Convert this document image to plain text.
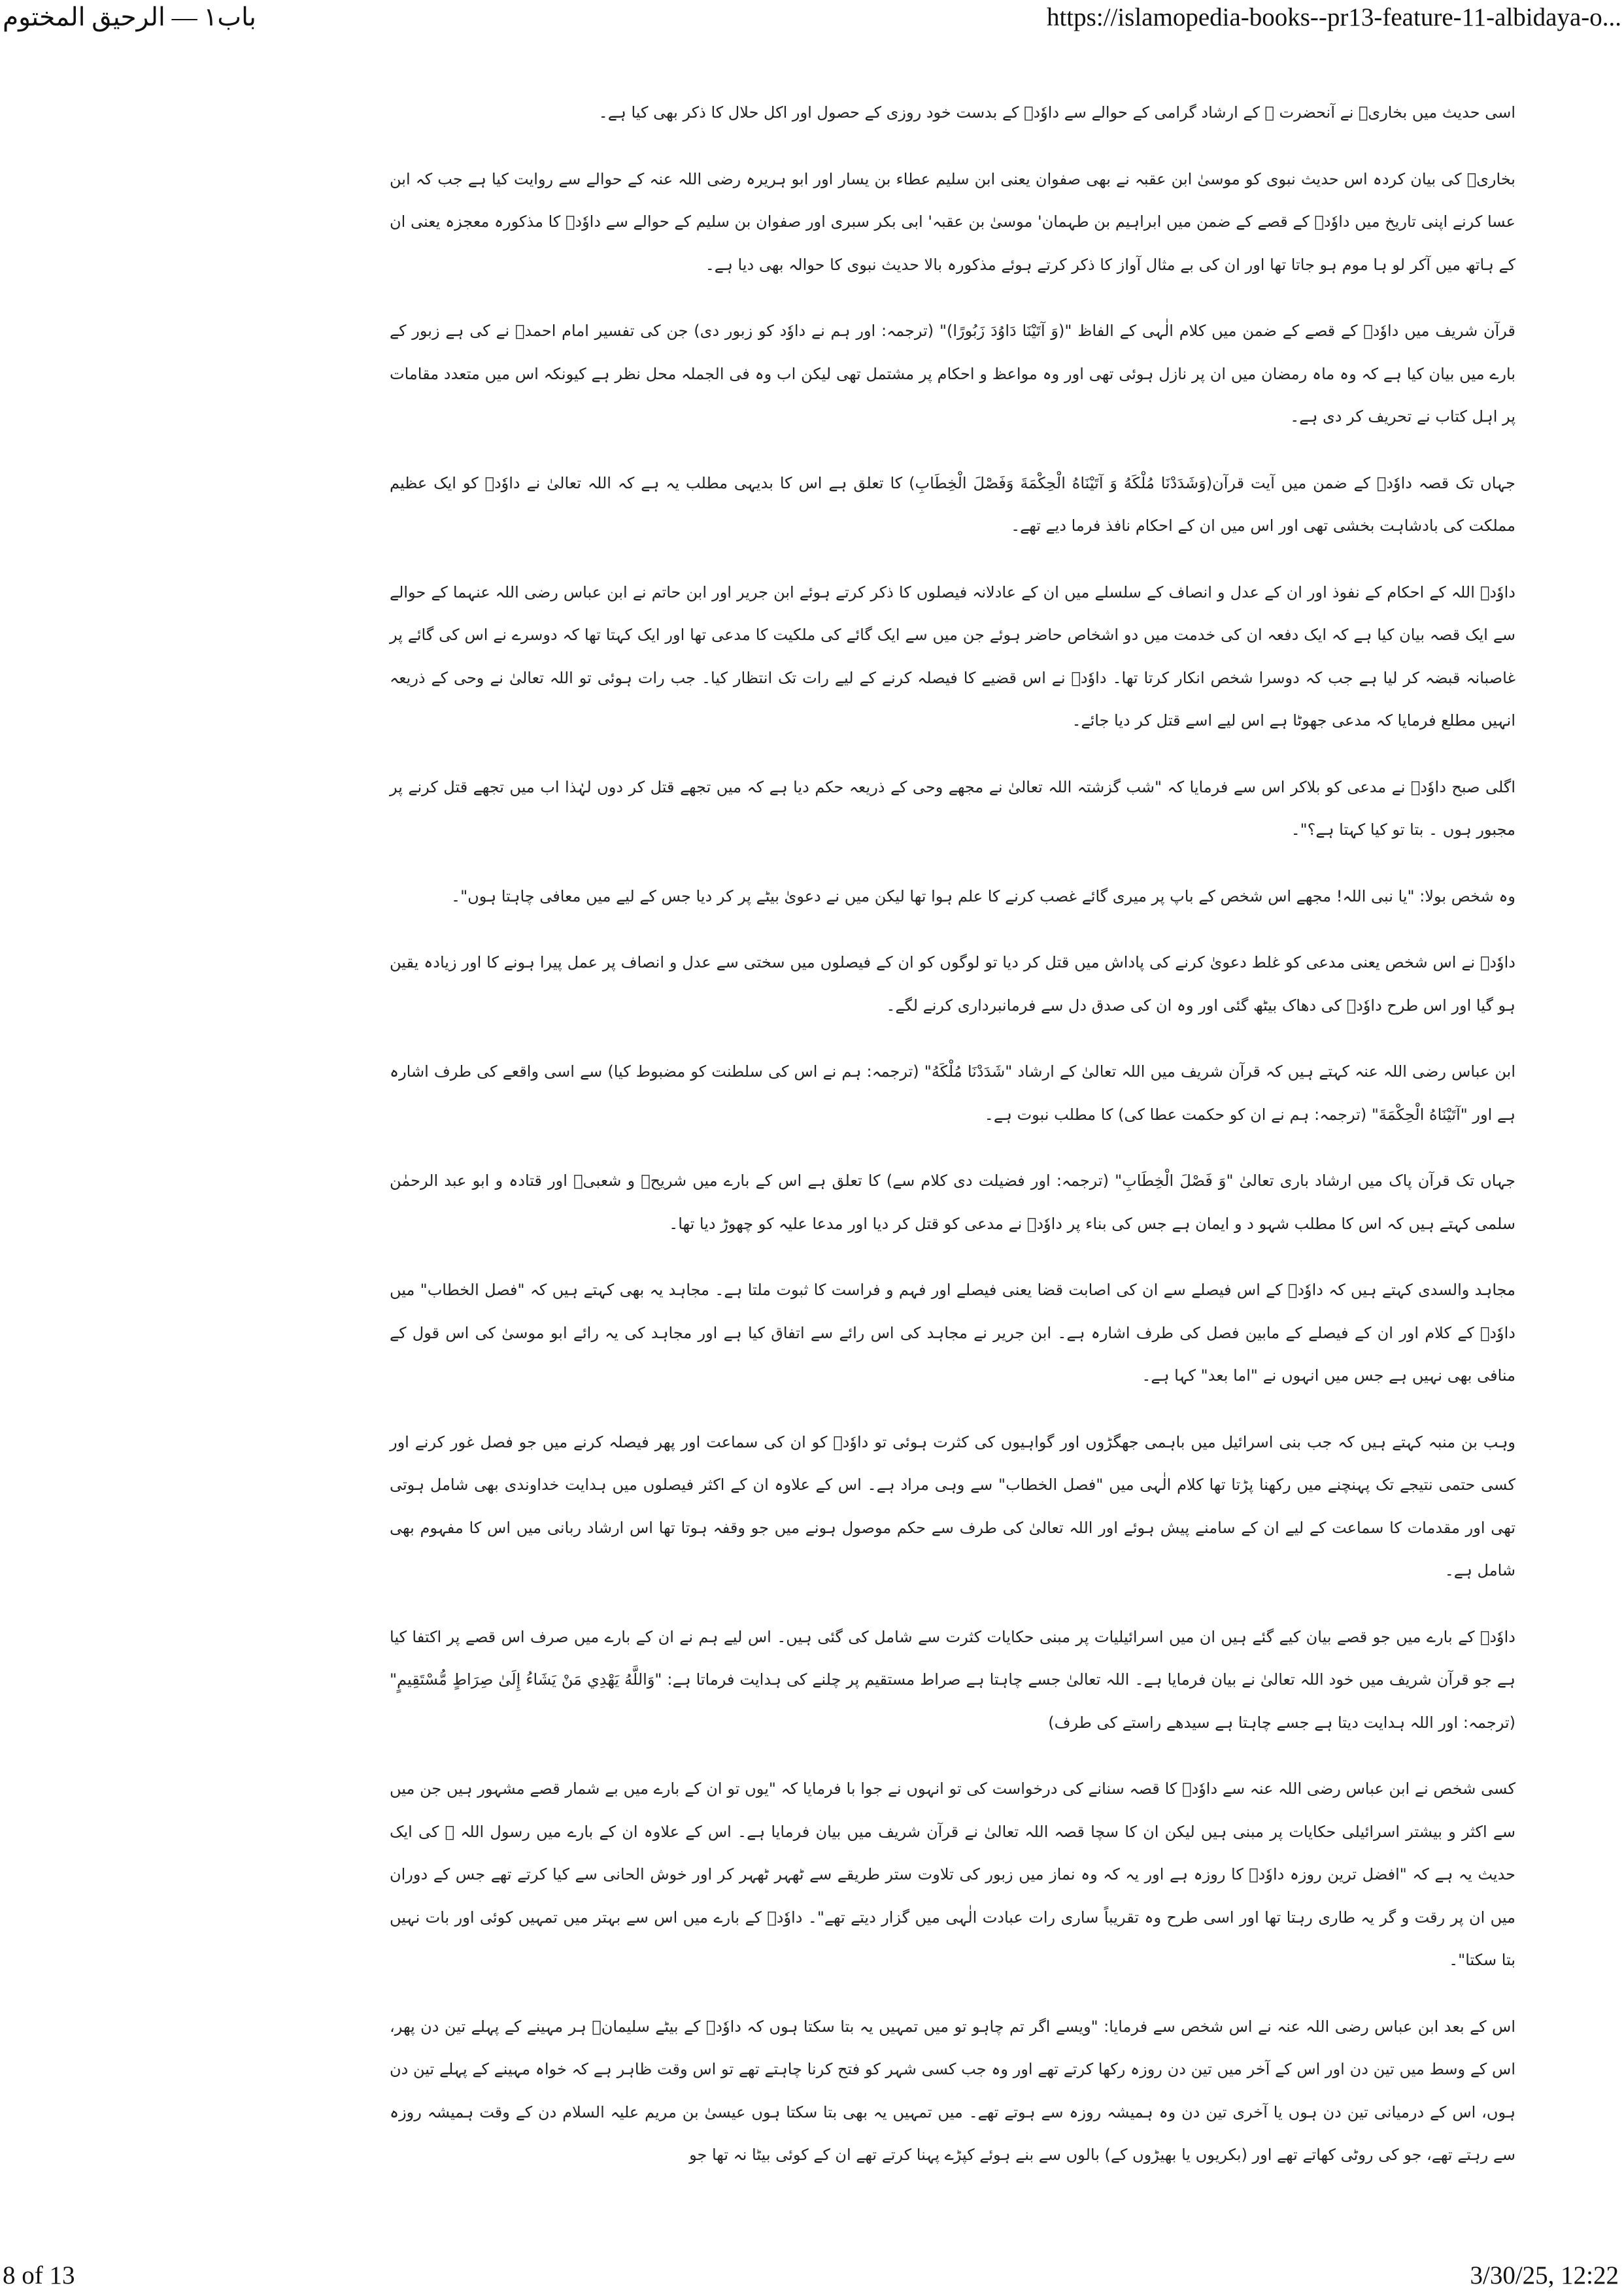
باب۱ — الرحیق المختوم	https://islamopedia-books--pr13-feature-11-albidaya-o...

اسی حدیث میں بخاریؒ نے آنحضرت ﷺ کے ارشاد گرامی کے حوالے سے داوٗدؑ کے بدست خود روزی کے حصول اور اکل حلال کا ذکر بھی کیا ہے۔

بخاریؒ کی بیان کردہ اس حدیث نبوی کو موسیٰ ابن عقبہ نے بھی صفوان یعنی ابن سلیم عطاء بن یسار اور ابو ہریرہ رضی اللہ عنہ کے حوالے سے روایت کیا ہے جب کہ ابن عسا کرنے اپنی تاریخ میں داوٗدؑ کے قصے کے ضمن میں ابراہیم بن طہمان' موسیٰ بن عقبہ' ابی بکر سبری اور صفوان بن سلیم کے حوالے سے داوٗدؑ کا مذکورہ معجزہ یعنی ان کے ہاتھ میں آکر لو ہا موم ہو جاتا تھا اور ان کی بے مثال آواز کا ذکر کرتے ہوئے مذکورہ بالا حدیث نبوی کا حوالہ بھی دیا ہے۔

قرآن شریف میں داوٗدؑ کے قصے کے ضمن میں کلام الٰہی کے الفاظ "(وَ آتَيْنَا دَاوُدَ زَبُورًا)" (ترجمہ: اور ہم نے داوٗد کو زبور دی) جن کی تفسیر امام احمدؒ نے کی ہے زبور کے بارے میں بیان کیا ہے کہ وہ ماہ رمضان میں ان پر نازل ہوئی تھی اور وہ مواعظ و احکام پر مشتمل تھی لیکن اب وہ فی الجملہ محل نظر ہے کیونکہ اس میں متعدد مقامات پر اہل کتاب نے تحریف کر دی ہے۔

جہاں تک قصہ داوٗدؑ کے ضمن میں آیت قرآن(وَشَدَدْنَا مُلْكَهُ وَ آتَيْنَاهُ الْحِكْمَةَ وَفَصْلَ الْخِطَابِ) کا تعلق ہے اس کا بدیہی مطلب یہ ہے کہ اللہ تعالیٰ نے داوٗدؑ کو ایک عظیم مملکت کی بادشاہت بخشی تھی اور اس میں ان کے احکام نافذ فرما دیے تھے۔

داوٗدؑ اللہ کے احکام کے نفوذ اور ان کے عدل و انصاف کے سلسلے میں ان کے عادلانہ فیصلوں کا ذکر کرتے ہوئے ابن جریر اور ابن حاتم نے ابن عباس رضی اللہ عنہما کے حوالے سے ایک قصہ بیان کیا ہے کہ ایک دفعہ ان کی خدمت میں دو اشخاص حاضر ہوئے جن میں سے ایک گائے کی ملکیت کا مدعی تھا اور ایک کہتا تھا کہ دوسرے نے اس کی گائے پر غاصبانہ قبضہ کر لیا ہے جب کہ دوسرا شخص انکار کرتا تھا۔ داوٗدؑ نے اس قضیے کا فیصلہ کرنے کے لیے رات تک انتظار کیا۔ جب رات ہوئی تو اللہ تعالیٰ نے وحی کے ذریعہ انہیں مطلع فرمایا کہ مدعی جھوٹا ہے اس لیے اسے قتل کر دیا جائے۔

اگلی صبح داوٗدؑ نے مدعی کو بلاکر اس سے فرمایا کہ "شب گزشتہ اللہ تعالیٰ نے مجھے وحی کے ذریعہ حکم دیا ہے کہ میں تجھے قتل کر دوں لہٰذا اب میں تجھے قتل کرنے پر مجبور ہوں ۔ بتا تو کیا کہتا ہے؟"۔

وہ شخص بولا: "یا نبی اللہ! مجھے اس شخص کے باپ پر میری گائے غصب کرنے کا علم ہوا تھا لیکن میں نے دعویٰ بیٹے پر کر دیا جس کے لیے میں معافی چاہتا ہوں"۔

داوٗدؑ نے اس شخص یعنی مدعی کو غلط دعویٰ کرنے کی پاداش میں قتل کر دیا تو لوگوں کو ان کے فیصلوں میں سختی سے عدل و انصاف پر عمل پیرا ہونے کا اور زیادہ یقین ہو گیا اور اس طرح داوٗدؑ کی دھاک بیٹھ گئی اور وہ ان کی صدق دل سے فرمانبرداری کرنے لگے۔

ابن عباس رضی اللہ عنہ کہتے ہیں کہ قرآن شریف میں اللہ تعالیٰ کے ارشاد "شَدَدْنَا مُلْكَهُ" (ترجمہ: ہم نے اس کی سلطنت کو مضبوط کیا) سے اسی واقعے کی طرف اشارہ ہے اور "آتَيْنَاهُ الْحِكْمَةَ" (ترجمہ: ہم نے ان کو حکمت عطا کی) کا مطلب نبوت ہے۔

جہاں تک قرآن پاک میں ارشاد باری تعالیٰ "وَ فَصْلَ الْخِطَابِ" (ترجمہ: اور فضیلت دی کلام سے) کا تعلق ہے اس کے بارے میں شریحؒ و شعبیؒ اور قتادہ و ابو عبد الرحمٰن سلمی کہتے ہیں کہ اس کا مطلب شہو د و ایمان ہے جس کی بناء پر داوٗدؑ نے مدعی کو قتل کر دیا اور مدعا علیہ کو چھوڑ دیا تھا۔

مجاہد والسدی کہتے ہیں کہ داوٗدؑ کے اس فیصلے سے ان کی اصابت قضا یعنی فیصلے اور فہم و فراست کا ثبوت ملتا ہے۔ مجاہد یہ بھی کہتے ہیں کہ "فصل الخطاب" میں داوٗدؑ کے کلام اور ان کے فیصلے کے مابین فصل کی طرف اشارہ ہے۔ ابن جریر نے مجاہد کی اس رائے سے اتفاق کیا ہے اور مجاہد کی یہ رائے ابو موسیٰ کی اس قول کے منافی بھی نہیں ہے جس میں انہوں نے "اما بعد" کہا ہے۔

وہب بن منبہ کہتے ہیں کہ جب بنی اسرائیل میں باہمی جھگڑوں اور گواہیوں کی کثرت ہوئی تو داوٗدؑ کو ان کی سماعت اور پھر فیصلہ کرنے میں جو فصل غور کرنے اور کسی حتمی نتیجے تک پہنچنے میں رکھنا پڑتا تھا کلام الٰہی میں "فصل الخطاب" سے وہی مراد ہے۔ اس کے علاوہ ان کے اکثر فیصلوں میں ہدایت خداوندی بھی شامل ہوتی تھی اور مقدمات کا سماعت کے لیے ان کے سامنے پیش ہوئے اور اللہ تعالیٰ کی طرف سے حکم موصول ہونے میں جو وقفہ ہوتا تھا اس ارشاد ربانی میں اس کا مفہوم بھی شامل ہے۔

داوٗدؑ کے بارے میں جو قصے بیان کیے گئے ہیں ان میں اسرائیلیات پر مبنی حکایات کثرت سے شامل کی گئی ہیں۔ اس لیے ہم نے ان کے بارے میں صرف اس قصے پر اکتفا کیا ہے جو قرآن شریف میں خود اللہ تعالیٰ نے بیان فرمایا ہے۔ اللہ تعالیٰ جسے چاہتا ہے صراط مستقیم پر چلنے کی ہدایت فرماتا ہے: "وَاللَّهُ يَهْدِي مَنْ يَشَاءُ إِلَىٰ صِرَاطٍ مُّسْتَقِيمٍ" (ترجمہ: اور اللہ ہدایت دیتا ہے جسے چاہتا ہے سیدھے راستے کی طرف)

کسی شخص نے ابن عباس رضی اللہ عنہ سے داوٗدؑ کا قصہ سنانے کی درخواست کی تو انہوں نے جوا با فرمایا کہ "یوں تو ان کے بارے میں بے شمار قصے مشہور ہیں جن میں سے اکثر و بیشتر اسرائیلی حکایات پر مبنی ہیں لیکن ان کا سچا قصہ اللہ تعالیٰ نے قرآن شریف میں بیان فرمایا ہے۔ اس کے علاوہ ان کے بارے میں رسول اللہ ﷺ کی ایک حدیث یہ ہے کہ "افضل ترین روزہ داوٗدؑ کا روزہ ہے اور یہ کہ وہ نماز میں زبور کی تلاوت ستر طریقے سے ٹھہر ٹھہر کر اور خوش الحانی سے کیا کرتے تھے جس کے دوران میں ان پر رقت و گر یہ طاری رہتا تھا اور اسی طرح وہ تقریباً ساری رات عبادت الٰہی میں گزار دیتے تھے"۔ داوٗدؑ کے بارے میں اس سے بہتر میں تمہیں کوئی اور بات نہیں بتا سکتا"۔

اس کے بعد ابن عباس رضی اللہ عنہ نے اس شخص سے فرمایا: "ویسے اگر تم چاہو تو میں تمہیں یہ بتا سکتا ہوں کہ داوٗدؑ کے بیٹے سلیمانؑ ہر مہینے کے پہلے تین دن پھر، اس کے وسط میں تین دن اور اس کے آخر میں تین دن روزہ رکھا کرتے تھے اور وہ جب کسی شہر کو فتح کرنا چاہتے تھے تو اس وقت ظاہر ہے کہ خواہ مہینے کے پہلے تین دن ہوں، اس کے درمیانی تین دن ہوں یا آخری تین دن وہ ہمیشہ روزہ سے ہوتے تھے۔ میں تمہیں یہ بھی بتا سکتا ہوں عیسیٰ بن مریم علیہ السلام دن کے وقت ہمیشہ روزہ سے رہتے تھے، جو کی روٹی کھاتے تھے اور (بکریوں یا بھیڑوں کے) بالوں سے بنے ہوئے کپڑے پہنا کرتے تھے ان کے کوئی بیٹا نہ تھا جو

8 of 13	3/30/25, 12:22
